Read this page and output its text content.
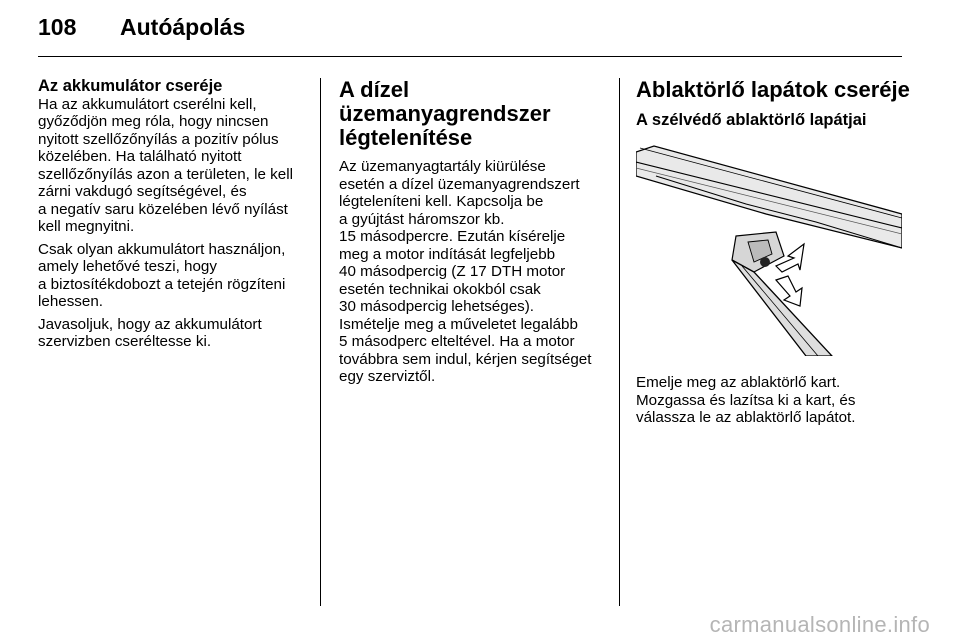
108 Autóápolás
Az akkumulátor cseréje

Ha az akkumulátort cserélni kell,
győződjön meg róla, hogy nincsen
nyitott szellőzőnyílás a pozitív pólus
közelében. Ha található nyitott
szellőzőnyílás azon a területen, le kell
zárni vakdugó segítségével, és
a negatív saru közelében lévő nyílást
kell megnyitni.

Csak olyan akkumulátort használjon,
amely lehetővé teszi, hogy
a biztosítékdobozt a tetején rögzíteni
lehessen.

Javasoljuk, hogy az akkumulátort
szervizben cseréltesse ki.

A dízel
üzemanyagrendszer
légtelenítése

Az üzemanyagtartály kiürülése
esetén a dízel üzemanyagrendszert
légteleníteni kell. Kapcsolja be
a gyújtást háromszor kb.
15 másodpercre. Ezután kísérelje
meg a motor indítását legfeljebb
40 másodpercig (Z 17 DTH motor
esetén technikai okokból csak
30 másodpercig lehetséges).
Ismételje meg a műveletet legalább
5 másodperc elteltével. Ha a motor
továbbra sem indul, kérjen segítséget
egy szerviztől.

Ablaktörlő lapátok cseréje
A szélvédő ablaktörlő lapátjai

Emelje meg az ablaktörlő kart.
Mozgassa és lazítsa ki a kart, és
válassza le az ablaktörlő lapátot.

carmanualsonline.info
